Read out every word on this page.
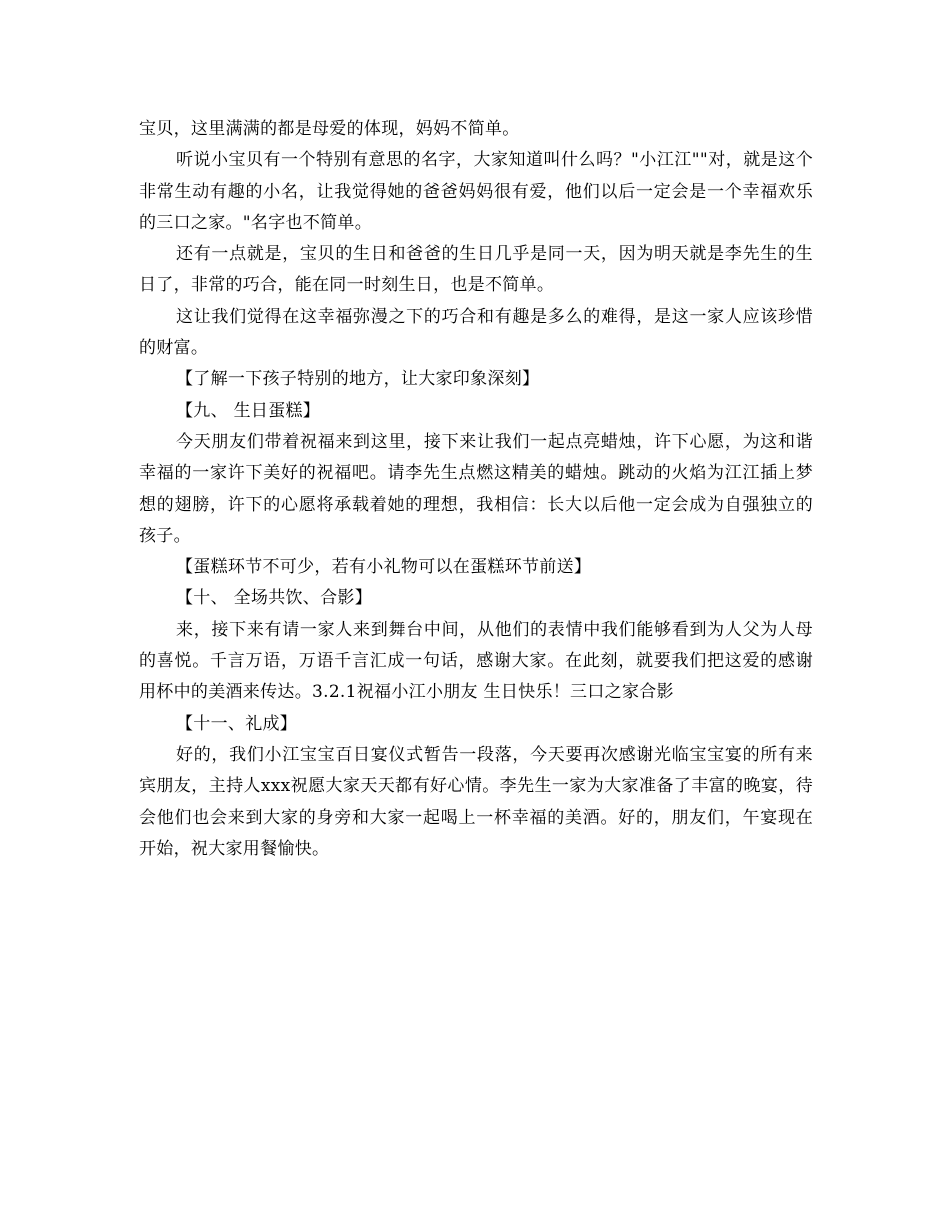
宝贝，这里满满的都是母爱的体现，妈妈不简单。

听说小宝贝有一个特别有意思的名字，大家知道叫什么吗？"小江江""对，就是这个非常生动有趣的小名，让我觉得她的爸爸妈妈很有爱，他们以后一定会是一个幸福欢乐的三口之家。"名字也不简单。

还有一点就是，宝贝的生日和爸爸的生日几乎是同一天，因为明天就是李先生的生日了，非常的巧合，能在同一时刻生日，也是不简单。

这让我们觉得在这幸福弥漫之下的巧合和有趣是多么的难得，是这一家人应该珍惜的财富。

【了解一下孩子特别的地方，让大家印象深刻】

【九、 生日蛋糕】

今天朋友们带着祝福来到这里，接下来让我们一起点亮蜡烛，许下心愿，为这和谐幸福的一家许下美好的祝福吧。请李先生点燃这精美的蜡烛。跳动的火焰为江江插上梦想的翅膀，许下的心愿将承载着她的理想，我相信：长大以后他一定会成为自强独立的孩子。

【蛋糕环节不可少，若有小礼物可以在蛋糕环节前送】

【十、 全场共饮、合影】

来，接下来有请一家人来到舞台中间，从他们的表情中我们能够看到为人父为人母的喜悦。千言万语，万语千言汇成一句话，感谢大家。在此刻，就要我们把这爱的感谢用杯中的美酒来传达。3.2.1祝福小江小朋友 生日快乐！三口之家合影

【十一、礼成】

好的，我们小江宝宝百日宴仪式暂告一段落，今天要再次感谢光临宝宝宴的所有来宾朋友，主持人xxx祝愿大家天天都有好心情。李先生一家为大家准备了丰富的晚宴，待会他们也会来到大家的身旁和大家一起喝上一杯幸福的美酒。好的，朋友们，午宴现在开始，祝大家用餐愉快。
